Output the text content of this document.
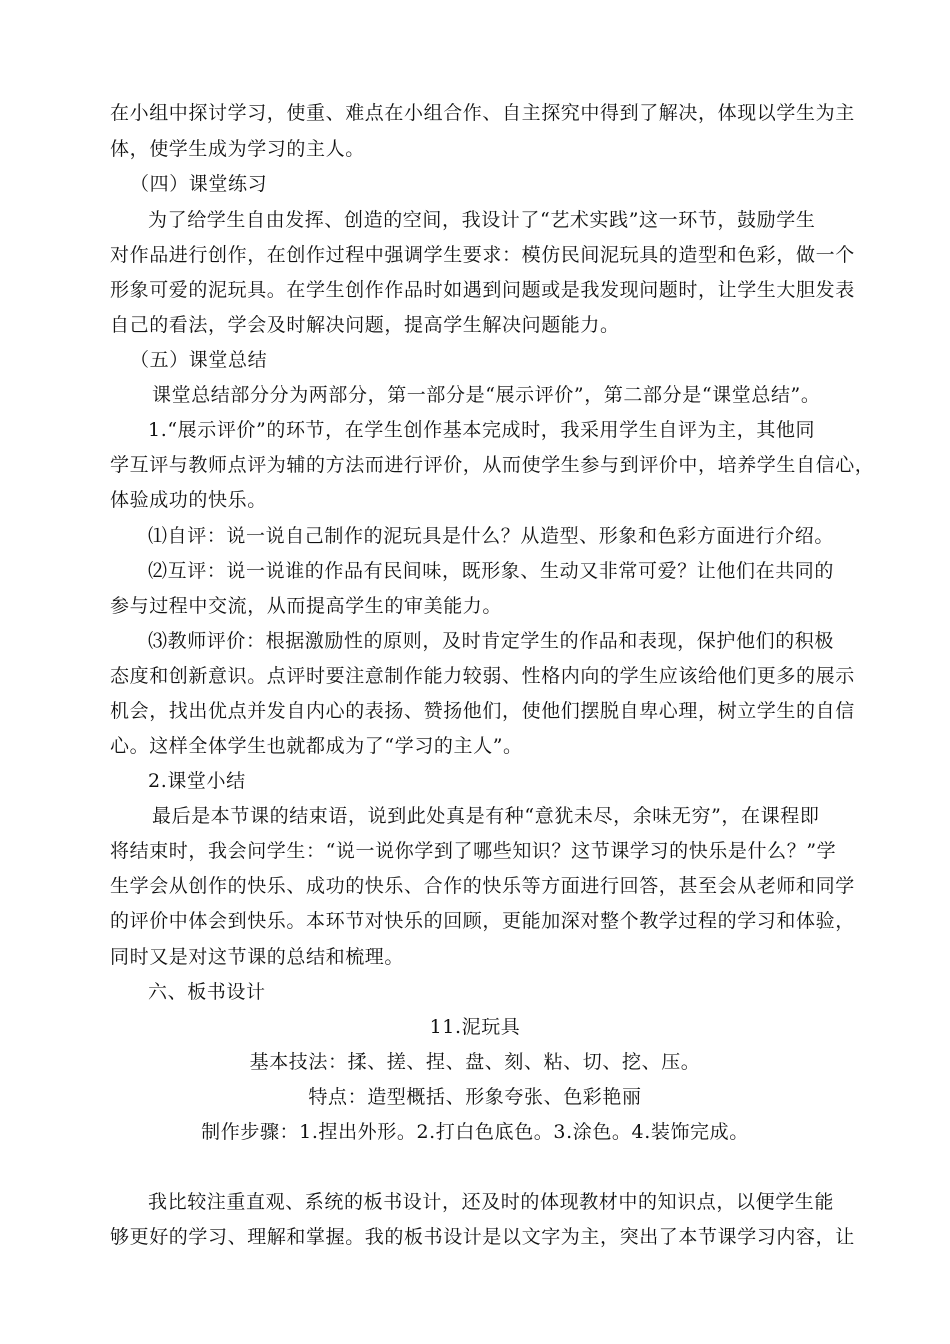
在小组中探讨学习，使重、难点在小组合作、自主探究中得到了解决，体现以学生为主
体，使学生成为学习的主人。
（四）课堂练习
为了给学生自由发挥、创造的空间，我设计了“艺术实践”这一环节，鼓励学生
对作品进行创作，在创作过程中强调学生要求：模仿民间泥玩具的造型和色彩，做一个
形象可爱的泥玩具。在学生创作作品时如遇到问题或是我发现问题时，让学生大胆发表
自己的看法，学会及时解决问题，提高学生解决问题能力。
（五）课堂总结
课堂总结部分分为两部分，第一部分是“展示评价”，第二部分是“课堂总结”。
1.“展示评价”的环节，在学生创作基本完成时，我采用学生自评为主，其他同
学互评与教师点评为辅的方法而进行评价，从而使学生参与到评价中，培养学生自信心，
体验成功的快乐。
⑴自评：说一说自己制作的泥玩具是什么？从造型、形象和色彩方面进行介绍。
⑵互评：说一说谁的作品有民间味，既形象、生动又非常可爱？让他们在共同的
参与过程中交流，从而提高学生的审美能力。
⑶教师评价：根据激励性的原则，及时肯定学生的作品和表现，保护他们的积极
态度和创新意识。点评时要注意制作能力较弱、性格内向的学生应该给他们更多的展示
机会，找出优点并发自内心的表扬、赞扬他们，使他们摆脱自卑心理，树立学生的自信
心。这样全体学生也就都成为了“学习的主人”。
2.课堂小结
最后是本节课的结束语，说到此处真是有种“意犹未尽，余味无穷”，在课程即
将结束时，我会问学生：“说一说你学到了哪些知识？这节课学习的快乐是什么？”学
生学会从创作的快乐、成功的快乐、合作的快乐等方面进行回答，甚至会从老师和同学
的评价中体会到快乐。本环节对快乐的回顾，更能加深对整个教学过程的学习和体验，
同时又是对这节课的总结和梳理。
六、板书设计
11.泥玩具
基本技法：揉、搓、捏、盘、刻、粘、切、挖、压。
特点：造型概括、形象夸张、色彩艳丽
制作步骤：1.捏出外形。2.打白色底色。3.涂色。4.装饰完成。
我比较注重直观、系统的板书设计，还及时的体现教材中的知识点，以便学生能
够更好的学习、理解和掌握。我的板书设计是以文字为主，突出了本节课学习内容，让
